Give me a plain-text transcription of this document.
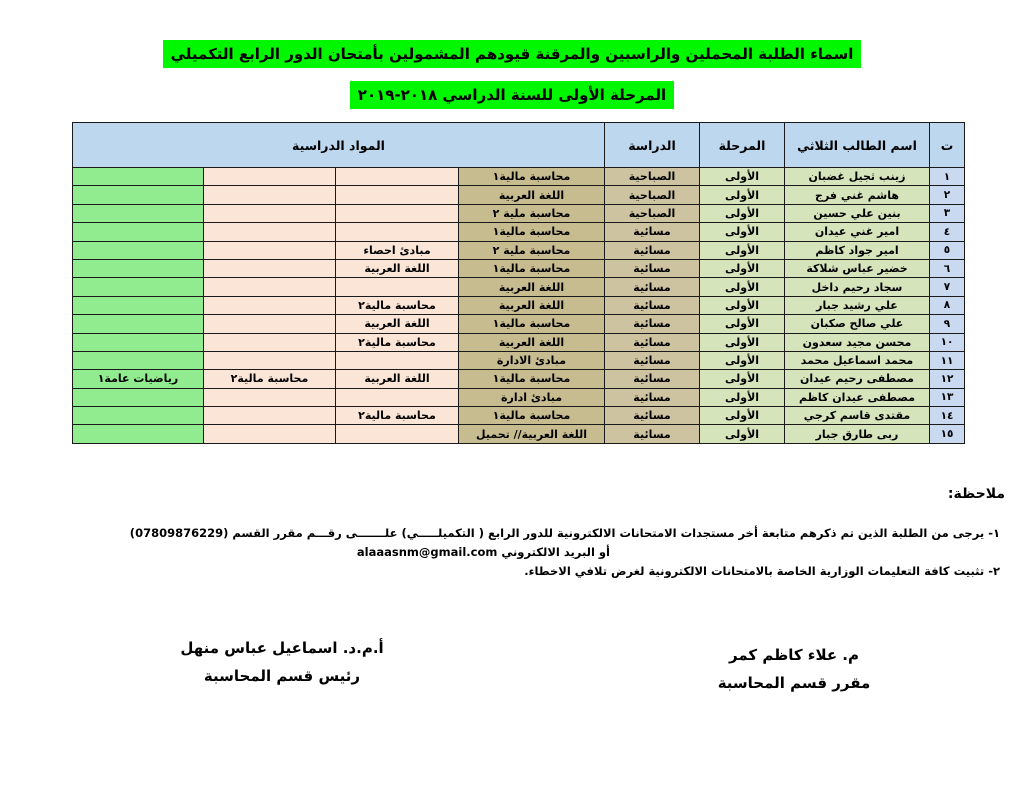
اسماء الطلبة المحملين والراسبين والمرقنة قيودهم المشمولين بأمتحان الدور الرابع التكميلي
المرحلة الأولى للسنة الدراسي ٢٠١٨-٢٠١٩
ت	اسم الطالب الثلاثي	المرحلة	الدراسة	المواد الدراسية			
١	زينب ثجيل غضبان	الأولى	الصباحية	محاسبة مالية١			
٢	هاشم غني فرج	الأولى	الصباحية	اللغة العربية			
٣	بنين علي حسين	الأولى	الصباحية	محاسبة ملية ٢			
٤	امير غني عيدان	الأولى	مسائية	محاسبة مالية١			
٥	امير جواد كاظم	الأولى	مسائية	محاسبة ملية ٢	مبادئ احصاء		
٦	خضير عباس شلاكة	الأولى	مسائية	محاسبة مالية١	اللغة العربية		
٧	سجاد رحيم داخل	الأولى	مسائية	اللغة العربية			
٨	علي رشيد جبار	الأولى	مسائية	اللغة العربية	محاسبة مالية٢		
٩	علي صالح صكبان	الأولى	مسائية	محاسبة مالية١	اللغة العربية		
١٠	محسن مجيد سعدون	الأولى	مسائية	اللغة العربية	محاسبة مالية٢		
١١	محمد اسماعيل محمد	الأولى	مسائية	مبادئ الادارة			
١٢	مصطفى رحيم عيدان	الأولى	مسائية	محاسبة مالية١	اللغة العربية	محاسبة مالية٢	رياضيات عامة١
١٣	مصطفى عيدان كاظم	الأولى	مسائية	مبادئ ادارة			
١٤	مقتدى قاسم كرجي	الأولى	مسائية	محاسبة مالية١	محاسبة مالية٢		
١٥	ربى طارق جبار	الأولى	مسائية	اللغة العربية// تحميل			
ملاحظة:
١- يرجى من الطلبة الذين تم ذكرهم متابعة أخر مستجدات الامتحانات الالكترونية للدور الرابع ( التكميلـــــي) علـــــــى رقـــم مقرر القسم (07809876229)
أو البريد الالكتروني alaaasnm@gmail.com
٢- تثبيت كافة التعليمات الوزارية الخاصة بالامتحانات الالكترونية لغرض تلافي الاخطاء.
م. علاء كاظم كمر
مقرر قسم المحاسبة
أ.م.د. اسماعيل عباس منهل
رئيس قسم المحاسبة
